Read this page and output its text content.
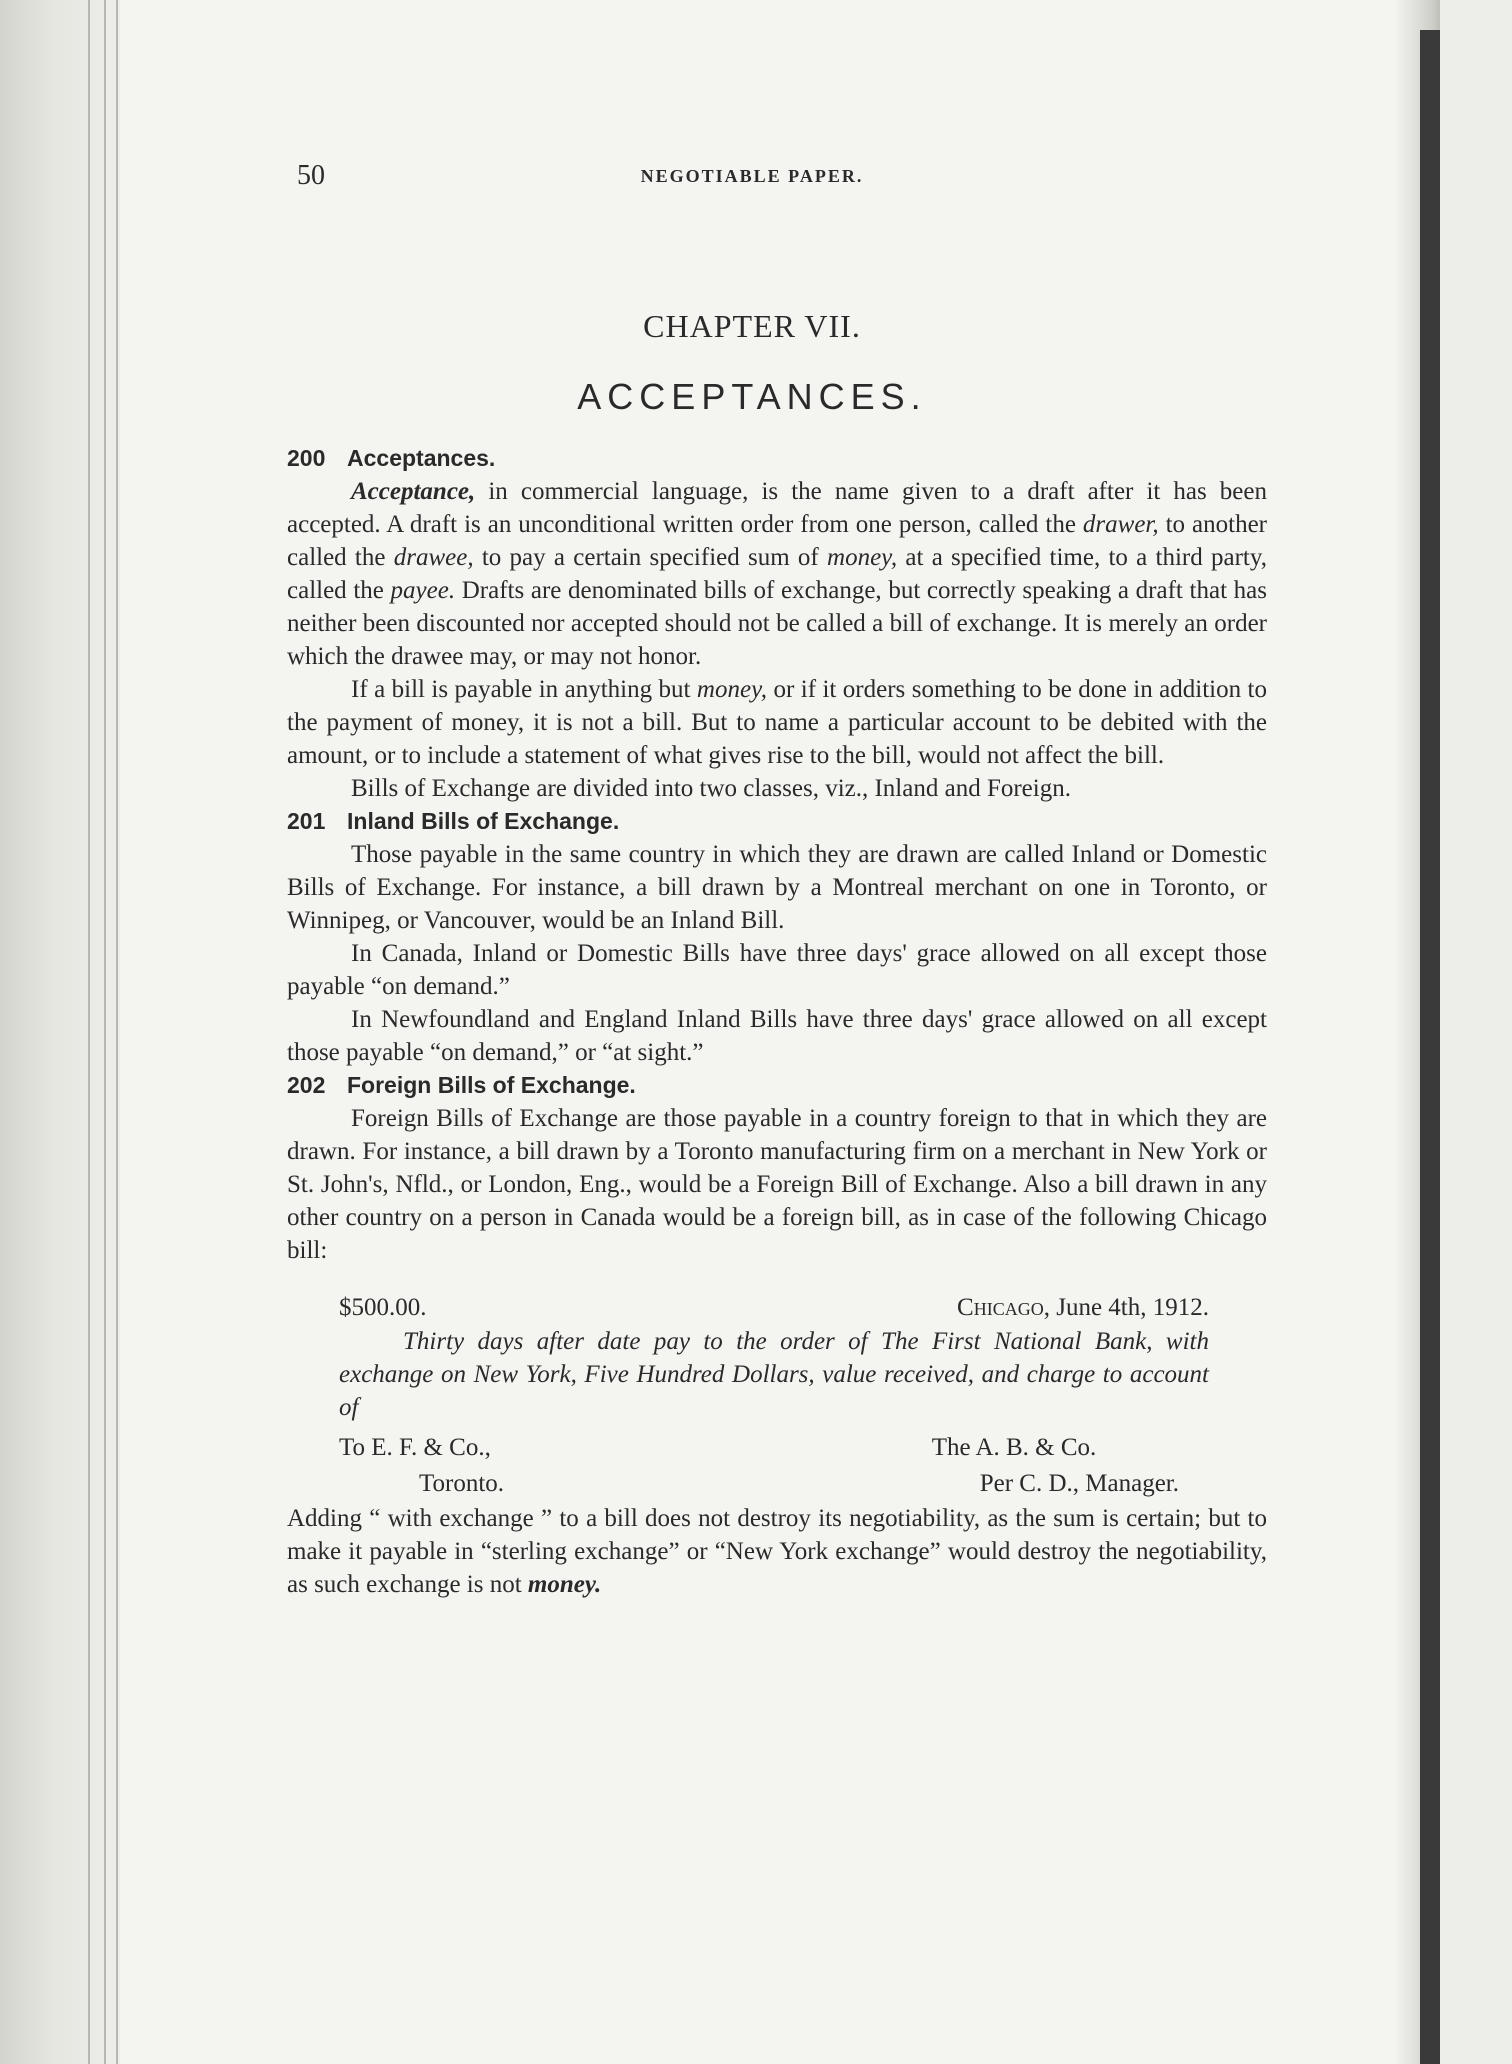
50	NEGOTIABLE PAPER.
CHAPTER VII.
ACCEPTANCES.
200 Acceptances.

Acceptance, in commercial language, is the name given to a draft after it has been accepted. A draft is an unconditional written order from one person, called the drawer, to another called the drawee, to pay a certain specified sum of money, at a specified time, to a third party, called the payee. Drafts are denominated bills of exchange, but correctly speaking a draft that has neither been discounted nor accepted should not be called a bill of exchange. It is merely an order which the drawee may, or may not honor.

If a bill is payable in anything but money, or if it orders something to be done in addition to the payment of money, it is not a bill. But to name a particular account to be debited with the amount, or to include a statement of what gives rise to the bill, would not affect the bill.

Bills of Exchange are divided into two classes, viz., Inland and Foreign.

201 Inland Bills of Exchange.

Those payable in the same country in which they are drawn are called Inland or Domestic Bills of Exchange. For instance, a bill drawn by a Montreal merchant on one in Toronto, or Winnipeg, or Vancouver, would be an Inland Bill.

In Canada, Inland or Domestic Bills have three days' grace allowed on all except those payable “on demand.”

In Newfoundland and England Inland Bills have three days' grace allowed on all except those payable “on demand,” or “at sight.”

202 Foreign Bills of Exchange.

Foreign Bills of Exchange are those payable in a country foreign to that in which they are drawn. For instance, a bill drawn by a Toronto manufacturing firm on a merchant in New York or St. John's, Nfld., or London, Eng., would be a Foreign Bill of Exchange. Also a bill drawn in any other country on a person in Canada would be a foreign bill, as in case of the following Chicago bill:

$500.00.	Chicago, June 4th, 1912.

Thirty days after date pay to the order of The First National Bank, with exchange on New York, Five Hundred Dollars, value received, and charge to account of

To E. F. & Co.,
Toronto.
The A. B. & Co.
Per C. D., Manager.

Adding “ with exchange ” to a bill does not destroy its negotiability, as the sum is certain; but to make it payable in “sterling exchange” or “New York exchange” would destroy the negotiability, as such exchange is not money.
